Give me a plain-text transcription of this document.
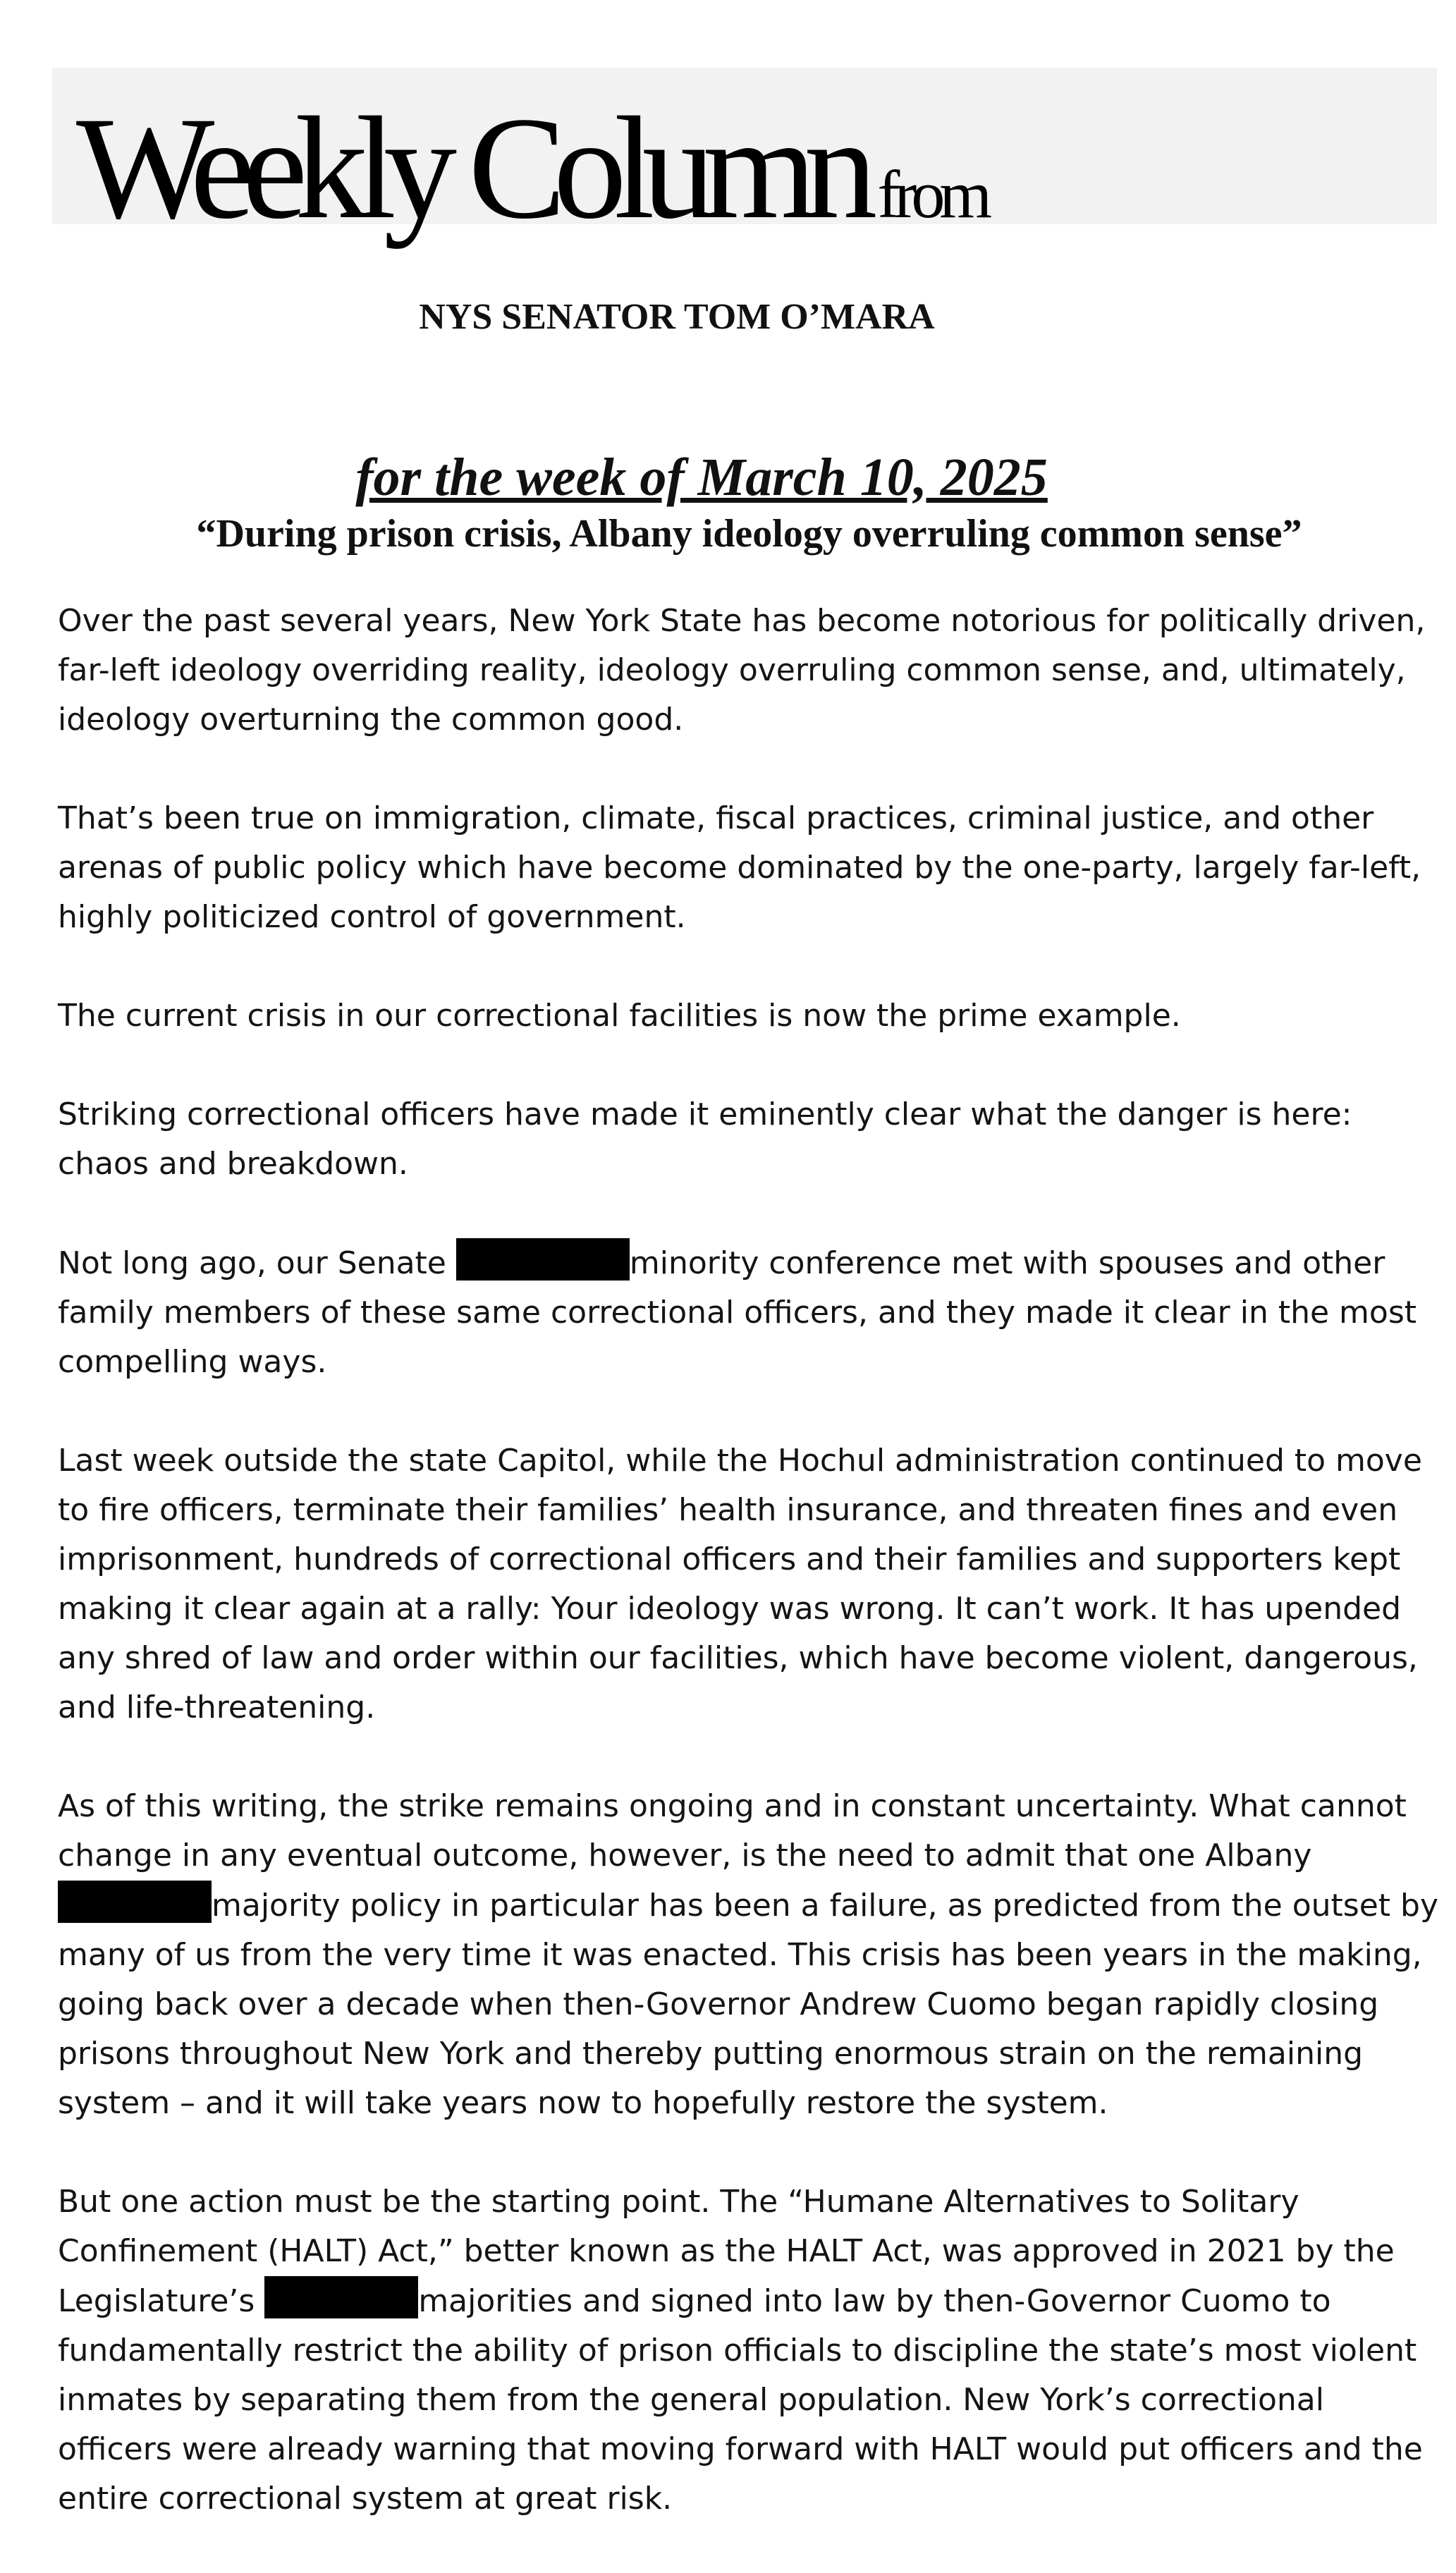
Weekly Column from
NYS SENATOR TOM O’MARA
for the week of March 10, 2025
“During prison crisis, Albany ideology overruling common sense”

Over the past several years, New York State has become notorious for politically driven, far-left ideology overriding reality, ideology overruling common sense, and, ultimately, ideology overturning the common good.

That’s been true on immigration, climate, fiscal practices, criminal justice, and other arenas of public policy which have become dominated by the one-party, largely far-left, highly politicized control of government.

The current crisis in our correctional facilities is now the prime example.

Striking correctional officers have made it eminently clear what the danger is here: chaos and breakdown.

Not long ago, our Senate	minority conference met with spouses and other family members of these same correctional officers, and they made it clear in the most compelling ways.

Last week outside the state Capitol, while the Hochul administration continued to move to fire officers, terminate their families’ health insurance, and threaten fines and even imprisonment, hundreds of correctional officers and their families and supporters kept making it clear again at a rally: Your ideology was wrong. It can’t work. It has upended any shred of law and order within our facilities, which have become violent, dangerous, and life-threatening.

As of this writing, the strike remains ongoing and in constant uncertainty. What cannot change in any eventual outcome, however, is the need to admit that one Albany majority policy in particular has been a failure, as predicted from the outset by many of us from the very time it was enacted. This crisis has been years in the making, going back over a decade when then-Governor Andrew Cuomo began rapidly closing prisons throughout New York and thereby putting enormous strain on the remaining system – and it will take years now to hopefully restore the system.

But one action must be the starting point. The “Humane Alternatives to Solitary Confinement (HALT) Act,” better known as the HALT Act, was approved in 2021 by the Legislature’s	majorities and signed into law by then-Governor Cuomo to fundamentally restrict the ability of prison officials to discipline the state’s most violent inmates by separating them from the general population. New York’s correctional officers were already warning that moving forward with HALT would put officers and the entire correctional system at great risk.
